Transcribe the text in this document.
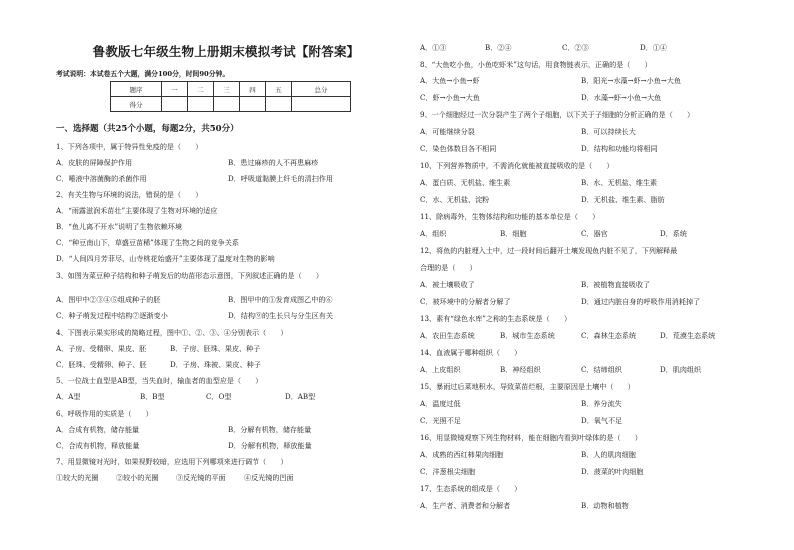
鲁教版七年级生物上册期末模拟考试【附答案】
考试说明：本试卷五个大题，满分100分，时间90分钟。
题序	一	二	三	四	五	总分
得分						
一、选择题（共25个小题，每题2分，共50分）
1、下列各项中，属于特异性免疫的是（　　）
A．皮肤的屏障保护作用	B．患过麻疹的人不再患麻疹
C．唾液中溶菌酶的杀菌作用	D．呼吸道黏膜上纤毛的清扫作用
2、有关生物与环境的说法，错误的是（　　）
A．“雨露滋润禾苗壮”主要体现了生物对环境的适应
B．“鱼儿离不开水”说明了生物依赖环境
C．“种豆南山下，草盛豆苗稀”体现了生物之间的竞争关系
D．“人间四月芳菲尽，山寺桃花始盛开”主要体现了温度对生物的影响
3、如图为菜豆种子结构和种子萌发后的幼苗形态示意图，下列叙述正确的是（　　）
A．图甲中②③④⑤组成种子的胚	B．图甲中的①发育成图乙中的⑥
C．种子萌发过程中结构⑦逐渐变小	D．结构⑨的生长只与分生区有关
4、下图表示果实形成的简略过程，图中①、②、③、④分别表示（　　）
A．子房、受精卵、果皮、胚	B．子房、胚珠、果皮、种子
C．胚珠、受精卵、种子、胚	D．子房、珠被、果皮、种子
5、一位战士血型是AB型，当失血时，输血者的血型应是（　　）
A．A型	B．B型	C．O型	D．AB型
6、呼吸作用的实质是（　　）
A．合成有机物，储存能量	B．分解有机物，储存能量
C．合成有机物，释放能量	D．分解有机物，释放能量
7、用显微镜对光时，如果视野较暗，应选用下列哪项来进行调节（　　）
①较大的光圈 ②较小的光圈 ③反光镜的平面	④反光镜的凹面
A．①③	B．②④	C．②③	D．①④
8、“大鱼吃小鱼，小鱼吃虾米”这句话，用食物链表示，正确的是（　　）
A．大鱼→小鱼→虾	B．阳光→水藻→虾→小鱼→大鱼
C．虾→小鱼→大鱼	D．水藻→虾→小鱼→大鱼
9、一个细胞经过一次分裂产生了两个子细胞，以下关于子细胞的分析正确的是（　　）
A．可能继续分裂	B．可以持续长大
C．染色体数目各不相同	D．结构和功能均将相同
10、下列营养物质中，不需消化就能被直接吸收的是（　　）
A．蛋白质、无机盐、维生素	B．水、无机盐、维生素
C．水、无机盐、淀粉	D．无机盐、维生素、脂肪
11、除病毒外，生物体结构和功能的基本单位是（　　）
A．组织	B．细胞	C．器官	D．系统
12、将鱼的内脏埋入土中，过一段时间后翻开土壤发现鱼内脏不见了，下列解释最
合理的是（　　）
A．被土壤吸收了	B．被植物直接吸收了
C．被环境中的分解者分解了	D．通过内脏自身的呼吸作用消耗掉了
13、素有“绿色水库”之称的生态系统是（　　）
A．农田生态系统	B．城市生态系统	C．森林生态系统	D．荒漠生态系统
14、血液属于哪种组织（　　）
A．上皮组织	B．神经组织	C．结缔组织	D．肌肉组织
15、暴雨过后菜地积水，导致菜苗烂根，主要原因是土壤中（　　）
A．温度过低	B．养分流失
C．光照不足	D．氧气不足
16、用显微镜观察下列生物材料，能在细胞内看到叶绿体的是（　　）
A．成熟的西红柿果肉细胞	B．人的肌肉细胞
C．洋葱根尖细胞	D．菠菜的叶肉细胞
17、生态系统的组成是（　　）
A．生产者、消费者和分解者	B．动物和植物
